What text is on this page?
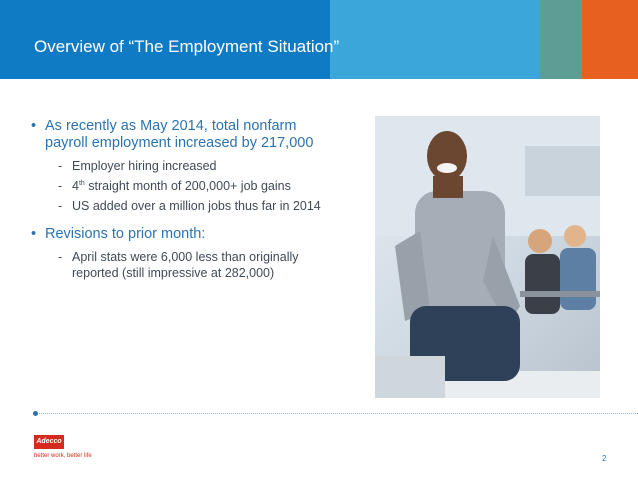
Overview of “The Employment Situation”
• As recently as May 2014, total nonfarm payroll employment increased by 217,000
- Employer hiring increased
- 4th straight month of 200,000+ job gains
- US added over a million jobs thus far in 2014
• Revisions to prior month:
- April stats were 6,000 less than originally reported (still impressive at 282,000)
Adecco
better work, better life	2
